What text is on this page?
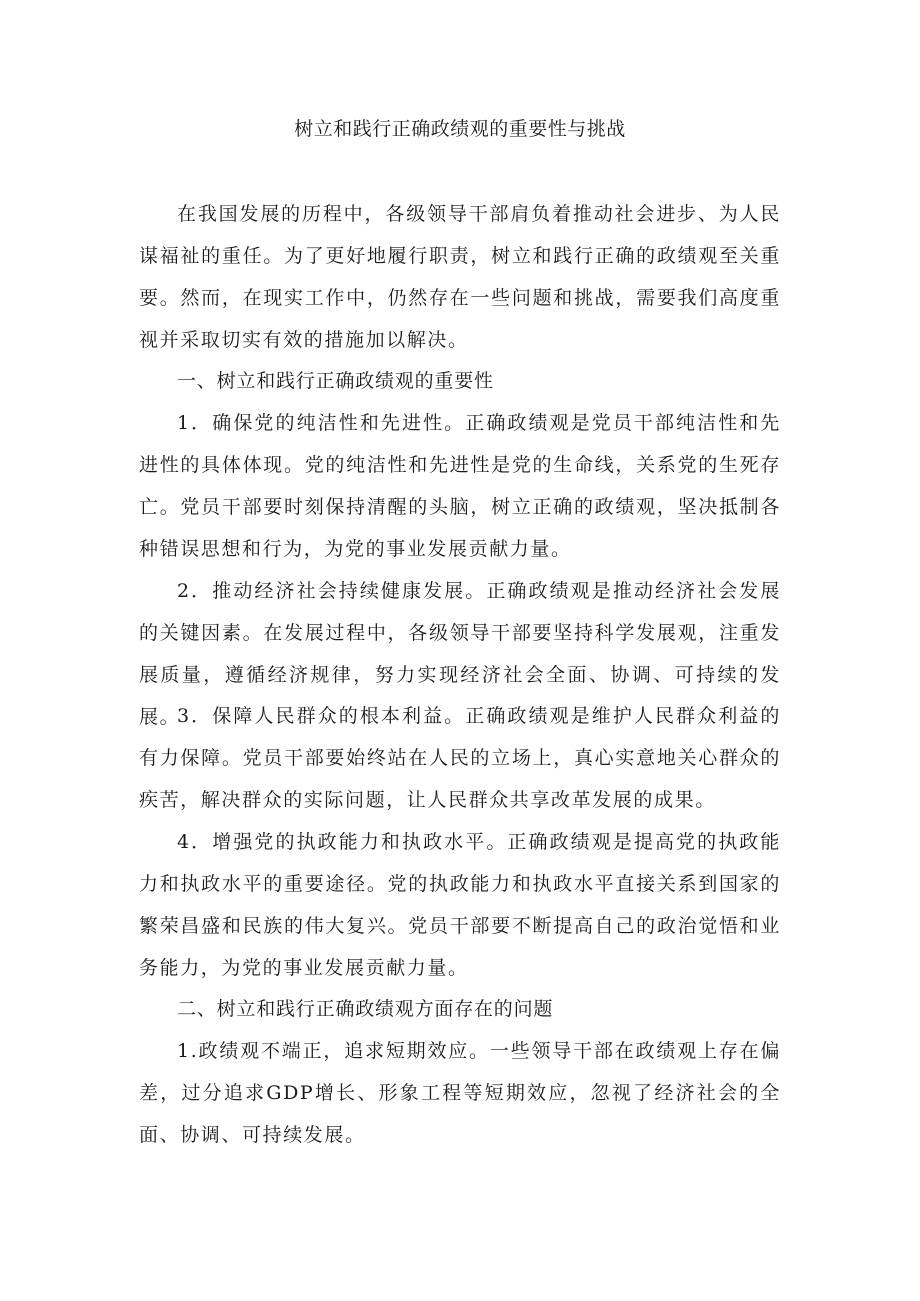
树立和践行正确政绩观的重要性与挑战

在我国发展的历程中，各级领导干部肩负着推动社会进步、为人民谋福祉的重任。为了更好地履行职责，树立和践行正确的政绩观至关重要。然而，在现实工作中，仍然存在一些问题和挑战，需要我们高度重视并采取切实有效的措施加以解决。

一、树立和践行正确政绩观的重要性

1．确保党的纯洁性和先进性。正确政绩观是党员干部纯洁性和先进性的具体体现。党的纯洁性和先进性是党的生命线，关系党的生死存亡。党员干部要时刻保持清醒的头脑，树立正确的政绩观，坚决抵制各种错误思想和行为，为党的事业发展贡献力量。

2．推动经济社会持续健康发展。正确政绩观是推动经济社会发展的关键因素。在发展过程中，各级领导干部要坚持科学发展观，注重发展质量，遵循经济规律，努力实现经济社会全面、协调、可持续的发展。

3．保障人民群众的根本利益。正确政绩观是维护人民群众利益的有力保障。党员干部要始终站在人民的立场上，真心实意地关心群众的疾苦，解决群众的实际问题，让人民群众共享改革发展的成果。

4．增强党的执政能力和执政水平。正确政绩观是提高党的执政能力和执政水平的重要途径。党的执政能力和执政水平直接关系到国家的繁荣昌盛和民族的伟大复兴。党员干部要不断提高自己的政治觉悟和业务能力，为党的事业发展贡献力量。

二、树立和践行正确政绩观方面存在的问题

1.政绩观不端正，追求短期效应。一些领导干部在政绩观上存在偏差，过分追求GDP增长、形象工程等短期效应，忽视了经济社会的全面、协调、可持续发展。
